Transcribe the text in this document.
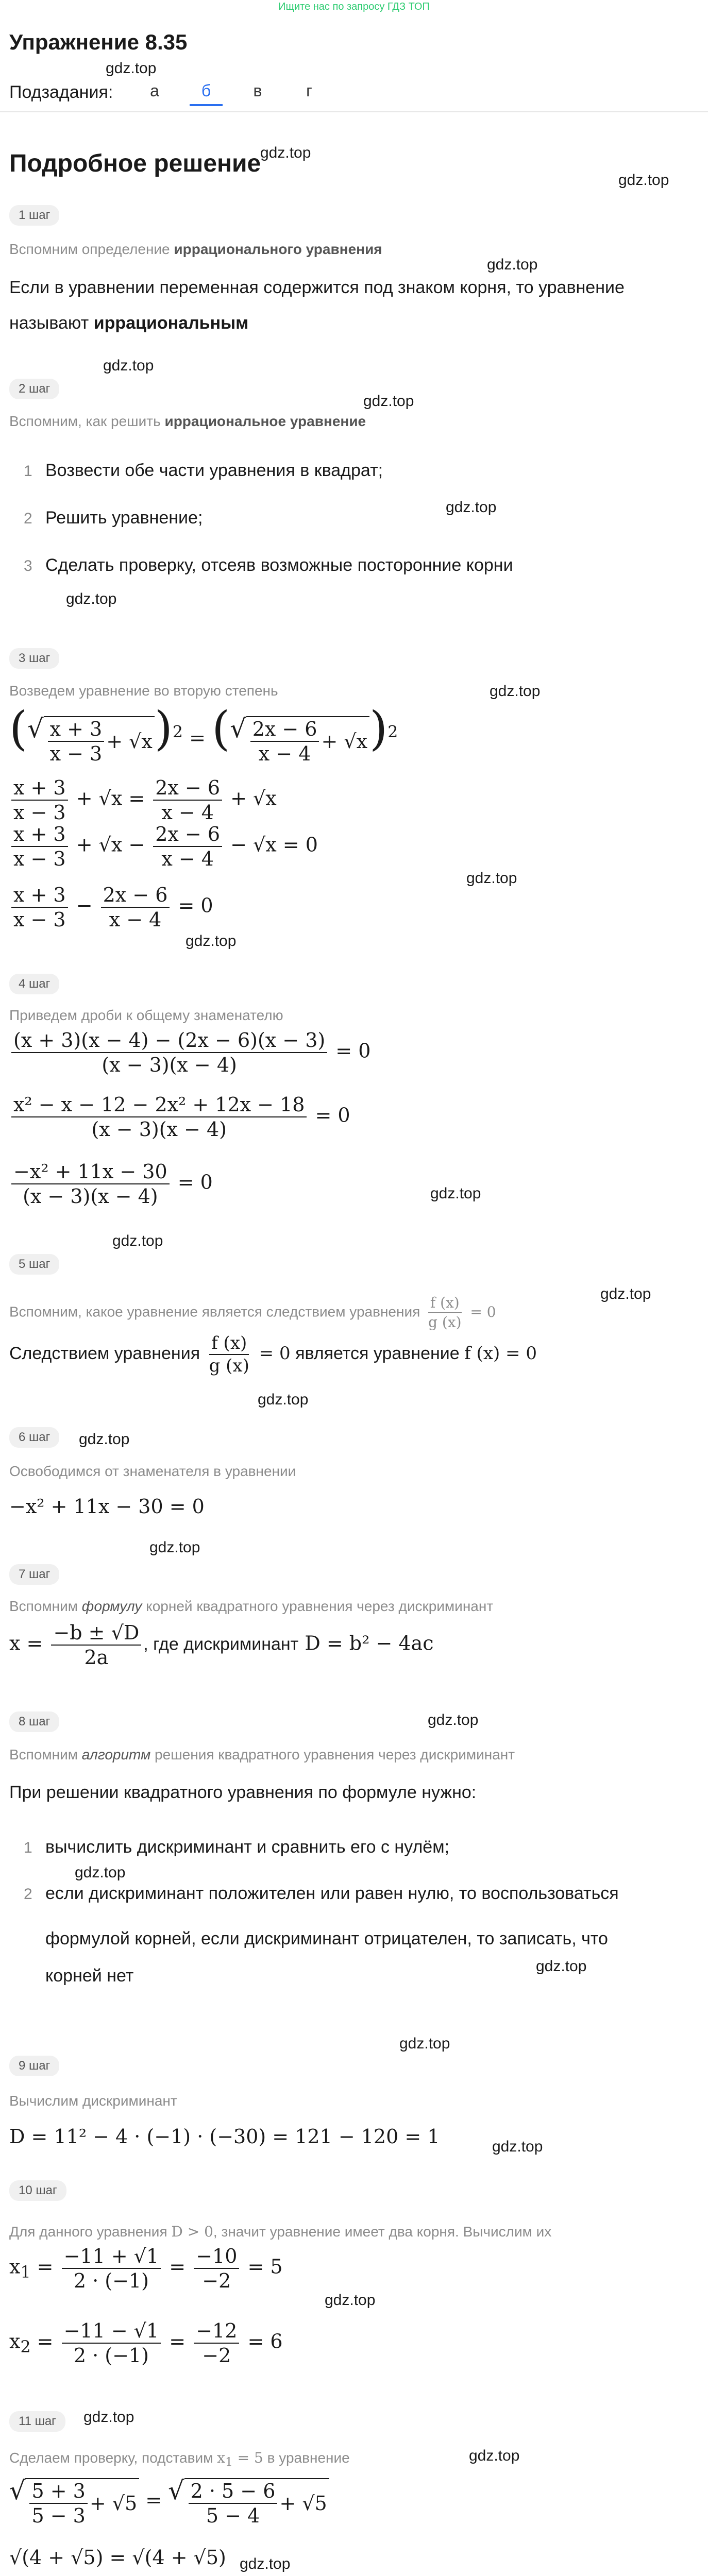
Ищите нас по запросу ГДЗ ТОП
Упражнение 8.35
gdz.top
Подзадания:	а	б	в	г
Подробное решение
gdz.top
gdz.top
1 шаг
gdz.top
Вспомним определение иррационального уравнения
Если в уравнении переменная содержится под знаком корня, то уравнение
называют иррациональным
2 шаг
gdz.top
gdz.top
Вспомним, как решить иррациональное уравнение
1 Возвести обе части уравнения в квадрат;
gdz.top
2 Решить уравнение;
3 Сделать проверку, отсеяв возможные посторонние корни
gdz.top
3 шаг
Возведем уравнение во вторую степень	gdz.top
( √ $\frac{x + 3}{x - 3} + √x$ )$^2$ = ( √ $\frac{2x - 6}{x - 4} + √x$ )$^2$
$\frac{x + 3}{x - 3} + √x = \frac{2x - 6}{x - 4} + √x$
$\frac{x + 3}{x - 3} + √x - \frac{2x - 6}{x - 4} - √x = 0$
gdz.top
$\frac{x + 3}{x - 3} - \frac{2x - 6}{x - 4} = 0$
gdz.top
4 шаг
Приведем дроби к общему знаменателю
$\frac{(x + 3)(x - 4) - (2x - 6)(x - 3)}{(x - 3)(x - 4)} = 0$
$\frac{\text{x² − x − 12 − 2x² + 12x − 18}}{(x - 3)(x - 4)} = 0$
gdz.top
$\frac{\text{−x² + 11x − 30}}{(x - 3)(x - 4)} = 0$
gdz.top
5 шаг
Вспомним, какое уравнение является следствием уравнения $\frac{f (x)}{g (x)} = 0$
gdz.top
Следствием уравнения $\frac{f (x)}{g (x)} = 0$ является уравнение f (x) = 0
gdz.top
6 шаг	gdz.top
Освободимся от знаменателя в уравнении
−x² + 11x − 30 = 0
gdz.top
7 шаг
Вспомним формулу корней квадратного уравнения через дискриминант
$x = \frac{-b \pm √D}{2a}$ , где дискриминант D = b² − 4ac
8 шаг	gdz.top
Вспомним алгоритм решения квадратного уравнения через дискриминант
При решении квадратного уравнения по формуле нужно:
1 вычислить дискриминант и сравнить его с нулём;
gdz.top
2 если дискриминант положителен или равен нулю, то воспользоваться
формулой корней, если дискриминант отрицателен, то записать, что
корней нет	gdz.top
gdz.top
9 шаг
Вычислим дискриминант
D = 11² − 4 · (−1) · (−30) = 121 − 120 = 1	gdz.top
10 шаг
Для данного уравнения D > 0, значит уравнение имеет два корня. Вычислим их
$x_1 = \frac{-11 + √1}{2 \cdot (-1)} = \frac{-10}{-2} = 5$
gdz.top
$x_2 = \frac{-11 - √1}{2 \cdot (-1)} = \frac{-12}{-2} = 6$
11 шаг	gdz.top
Сделаем проверку, подставим $x_1 = 5$ в уравнение	gdz.top
√ $\frac{5 + 3}{5 - 3} + √5$ = √ $\frac{2 \cdot 5 - 6}{5 - 4} + √5$
√(4 + √5) = √(4 + √5) gdz.top
